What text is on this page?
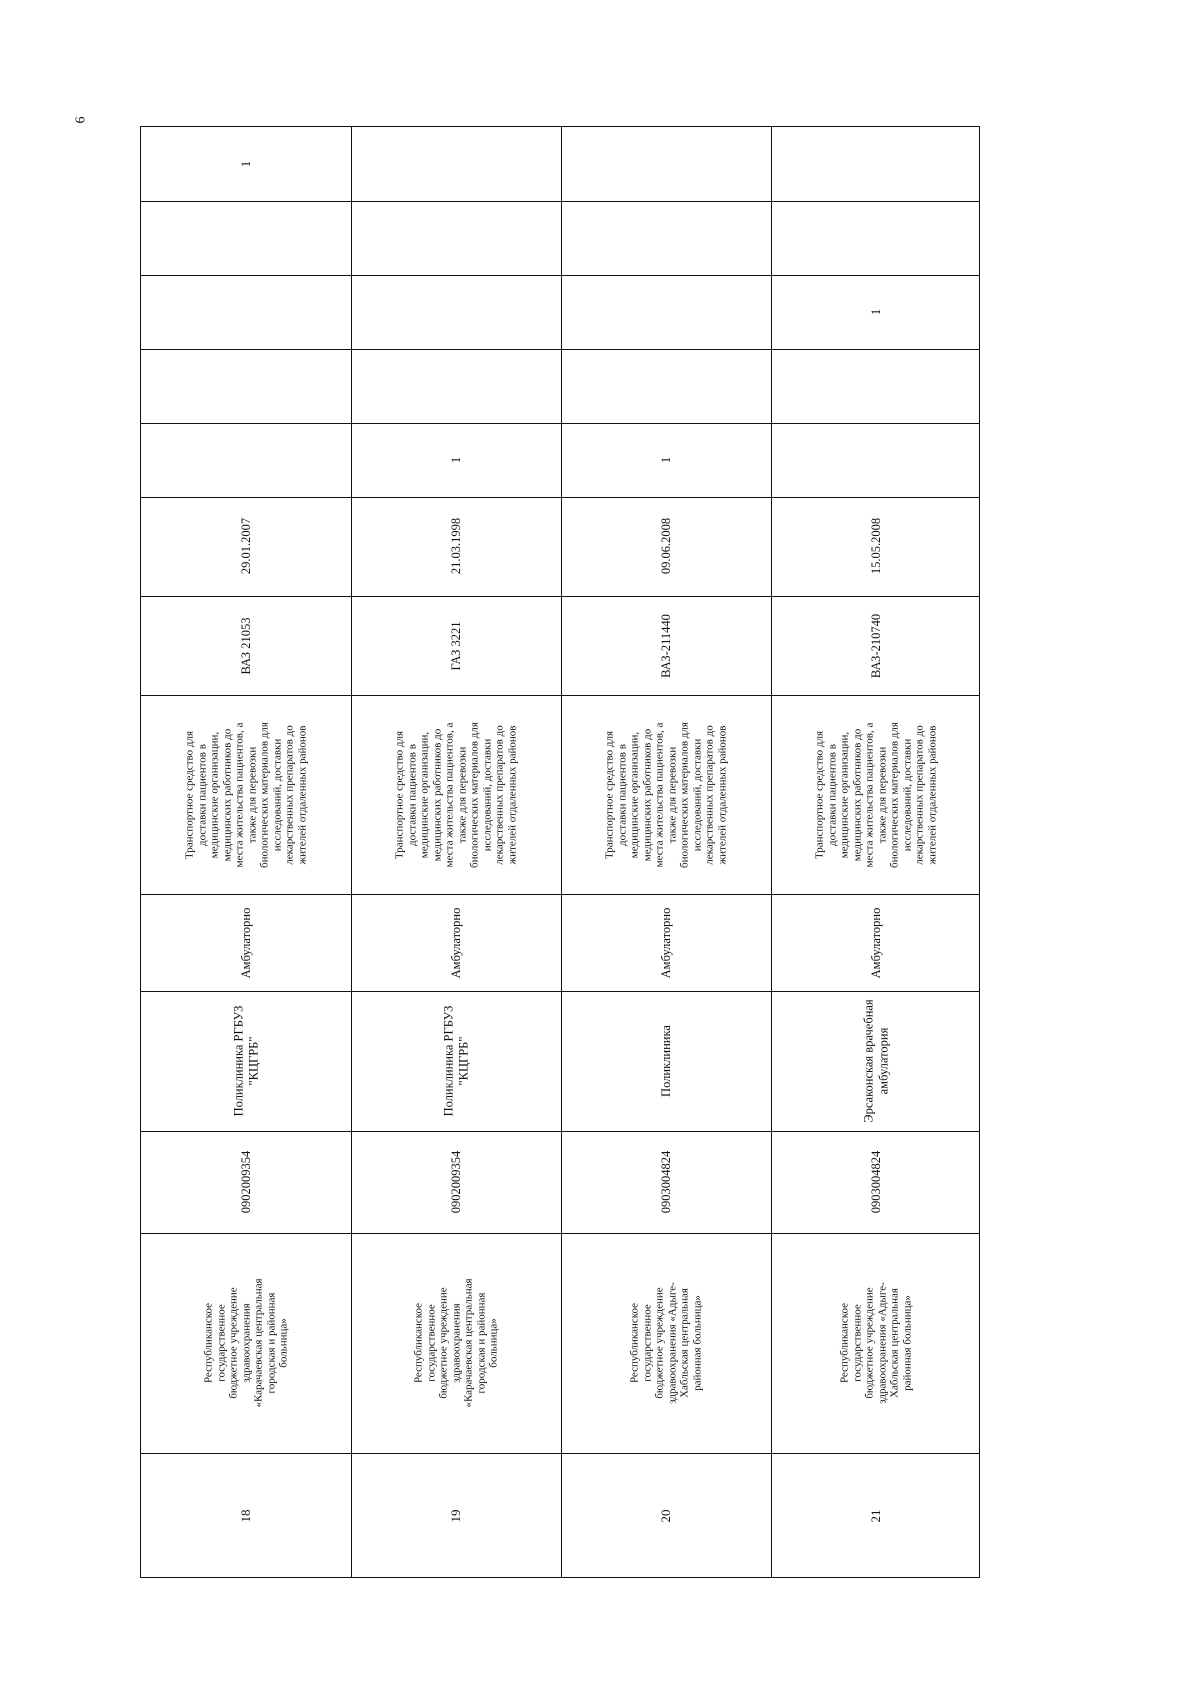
6
18
Республиканское
государственное
бюджетное учреждение
здравоохранения
«Карачаевская центральная
городская и районная
больница»
0902009354
Поликлиника РГБУЗ
"КЦГРБ"
Амбулаторно
Транспортное средство для
доставки пациентов в
медицинские организации,
медицинских работников до
места жительства пациентов, а
также для перевозки
биологических материалов для
исследований, доставки
лекарственных препаратов до
жителей отдаленных районов
ВАЗ 21053
29.01.2007
1
19
Республиканское
государственное
бюджетное учреждение
здравоохранения
«Карачаевская центральная
городская и районная
больница»
0902009354
Поликлиника РГБУЗ
"КЦГРБ"
Амбулаторно
Транспортное средство для
доставки пациентов в
медицинские организации,
медицинских работников до
места жительства пациентов, а
также для перевозки
биологических материалов для
исследований, доставки
лекарственных препаратов до
жителей отдаленных районов
ГАЗ 3221
21.03.1998
1
20
Республиканское
государственное
бюджетное учреждение
здравоохранения «Адыге-
Хабльская центральная
районная больница»
0903004824
Поликлиника
Амбулаторно
Транспортное средство для
доставки пациентов в
медицинские организации,
медицинских работников до
места жительства пациентов, а
также для перевозки
биологических материалов для
исследований, доставки
лекарственных препаратов до
жителей отдаленных районов
ВАЗ-211440
09.06.2008
1
21
Республиканское
государственное
бюджетное учреждение
здравоохранения «Адыге-
Хабльская центральная
районная больница»
0903004824
Эрсаконская врачебная
амбулатория
Амбулаторно
Транспортное средство для
доставки пациентов в
медицинские организации,
медицинских работников до
места жительства пациентов, а
также для перевозки
биологических материалов для
исследований, доставки
лекарственных препаратов до
жителей отдаленных районов
ВАЗ-210740
15.05.2008
1
